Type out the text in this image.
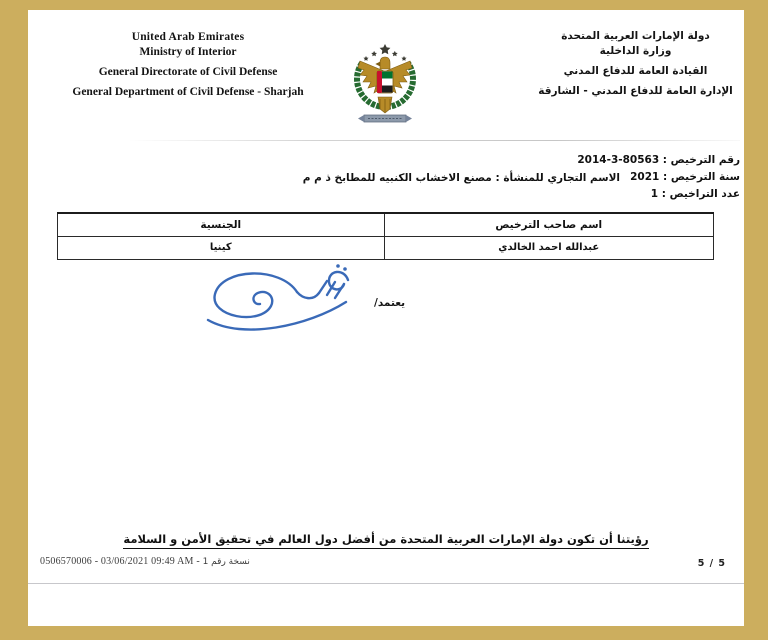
United Arab Emirates
Ministry of Interior
General Directorate of Civil Defense
General Department of Civil Defense - Sharjah
دولة الإمارات العربية المتحدة
وزارة الداخلية
القيادة العامة للدفاع المدني
الإدارة العامة للدفاع المدني - الشارقة
رقم الترخيص : 2014-3-80563
سنة الترخيص : 2021
الاسم التجاري للمنشأة : مصنع الاخشاب الكنبيه للمطابخ ذ م م
عدد التراخيص : 1
اسم صاحب الترخيص	الجنسية
عبدالله احمد الخالدي	كينيا
يعتمد/
رؤيتنا أن تكون دولة الإمارات العربية المتحدة من أفضل دول العالم في تحقيق الأمن و السلامة
0506570006 - 03/06/2021 09:49 AM - نسخة رقم 1	5 / 5
